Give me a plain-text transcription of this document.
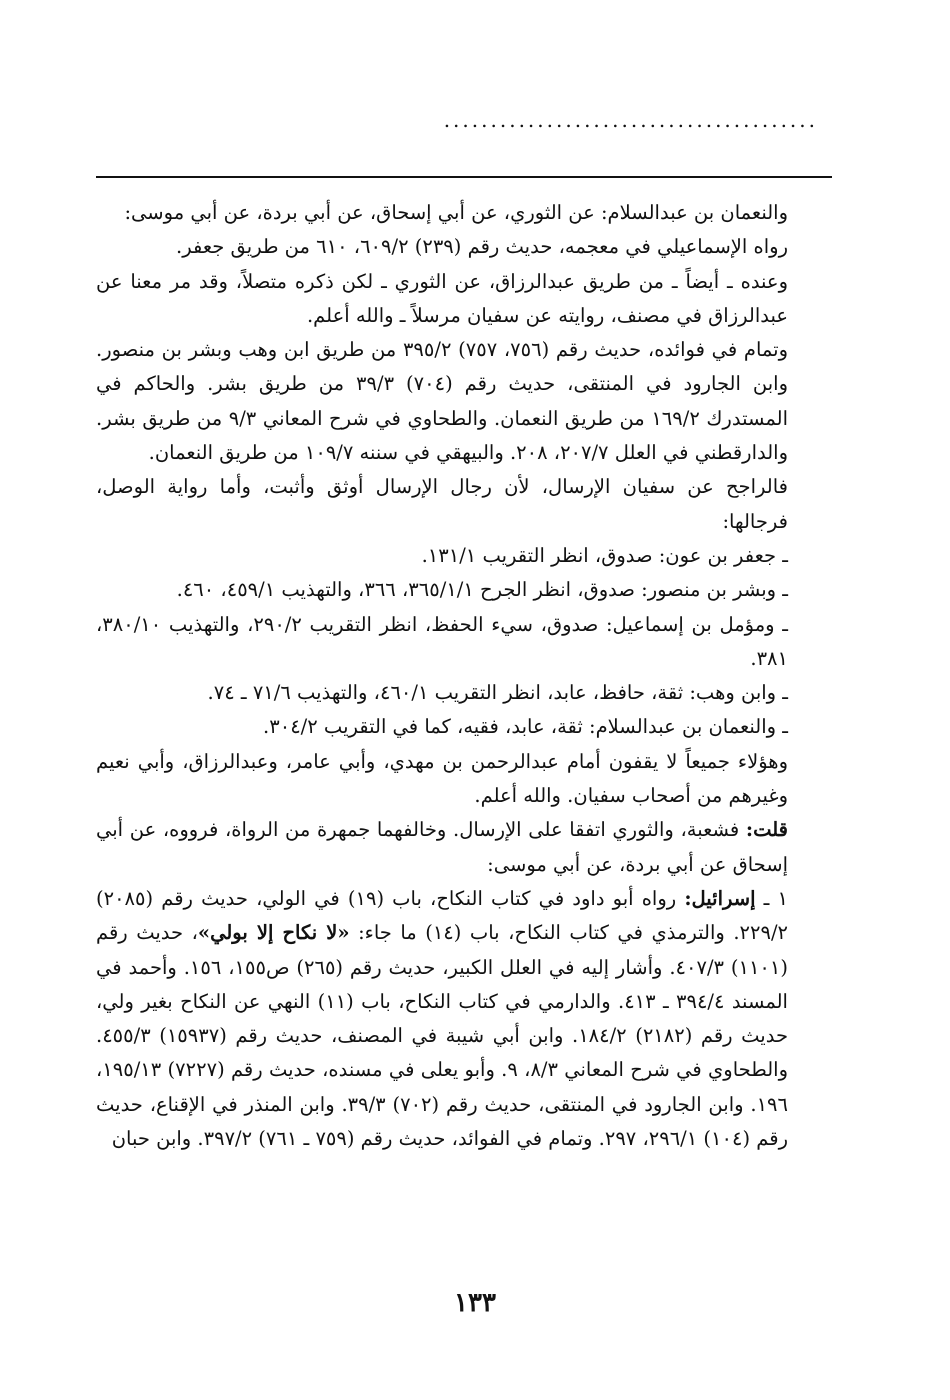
........................................

والنعمان بن عبدالسلام: عن الثوري، عن أبي إسحاق، عن أبي بردة، عن أبي موسى:

رواه الإسماعيلي في معجمه، حديث رقم (٢٣٩) ٦٠٩/٢، ٦١٠ من طريق جعفر.

وعنده ـ أيضاً ـ من طريق عبدالرزاق، عن الثوري ـ لكن ذكره متصلاً، وقد مر معنا عن عبدالرزاق في مصنف، روايته عن سفيان مرسلاً ـ والله أعلم.

وتمام في فوائده، حديث رقم (٧٥٦، ٧٥٧) ٣٩٥/٢ من طريق ابن وهب وبشر بن منصور. وابن الجارود في المنتقى، حديث رقم (٧٠٤) ٣٩/٣ من طريق بشر. والحاكم في المستدرك ١٦٩/٢ من طريق النعمان. والطحاوي في شرح المعاني ٩/٣ من طريق بشر. والدارقطني في العلل ٢٠٧/٧، ٢٠٨. والبيهقي في سننه ١٠٩/٧ من طريق النعمان.

فالراجح عن سفيان الإرسال، لأن رجال الإرسال أوثق وأثبت، وأما رواية الوصل، فرجالها:

ـ جعفر بن عون: صدوق، انظر التقريب ١٣١/١.

ـ وبشر بن منصور: صدوق، انظر الجرح ٣٦٥/١/١، ٣٦٦، والتهذيب ٤٥٩/١، ٤٦٠.

ـ ومؤمل بن إسماعيل: صدوق، سيء الحفظ، انظر التقريب ٢٩٠/٢، والتهذيب ٣٨٠/١٠، ٣٨١.

ـ وابن وهب: ثقة، حافظ، عابد، انظر التقريب ٤٦٠/١، والتهذيب ٧١/٦ ـ ٧٤.

ـ والنعمان بن عبدالسلام: ثقة، عابد، فقيه، كما في التقريب ٣٠٤/٢.

وهؤلاء جميعاً لا يقفون أمام عبدالرحمن بن مهدي، وأبي عامر، وعبدالرزاق، وأبي نعيم وغيرهم من أصحاب سفيان. والله أعلم.

قلت: فشعبة، والثوري اتفقا على الإرسال. وخالفهما جمهرة من الرواة، فرووه، عن أبي إسحاق عن أبي بردة، عن أبي موسى:

١ ـ إسرائيل: رواه أبو داود في كتاب النكاح، باب (١٩) في الولي، حديث رقم (٢٠٨٥) ٢٢٩/٢. والترمذي في كتاب النكاح، باب (١٤) ما جاء: «لا نكاح إلا بولي»، حديث رقم (١١٠١) ٤٠٧/٣. وأشار إليه في العلل الكبير، حديث رقم (٢٦٥) ص١٥٥، ١٥٦. وأحمد في المسند ٣٩٤/٤ ـ ٤١٣. والدارمي في كتاب النكاح، باب (١١) النهي عن النكاح بغير ولي، حديث رقم (٢١٨٢) ١٨٤/٢. وابن أبي شيبة في المصنف، حديث رقم (١٥٩٣٧) ٤٥٥/٣. والطحاوي في شرح المعاني ٨/٣، ٩. وأبو يعلى في مسنده، حديث رقم (٧٢٢٧) ١٩٥/١٣، ١٩٦. وابن الجارود في المنتقى، حديث رقم (٧٠٢) ٣٩/٣. وابن المنذر في الإقناع، حديث رقم (١٠٤) ٢٩٦/١، ٢٩٧. وتمام في الفوائد، حديث رقم (٧٥٩ ـ ٧٦١) ٣٩٧/٢. وابن حبان

١٣٣
